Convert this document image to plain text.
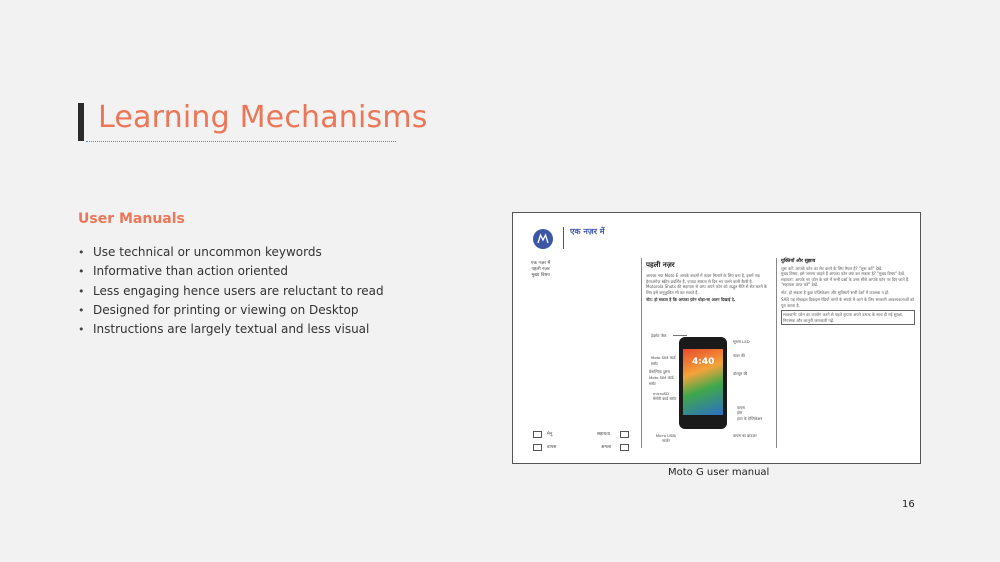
Learning Mechanisms
User Manuals
• Use technical or uncommon keywords
• Informative than action oriented
• Less engaging hence users are reluctant to read
• Designed for printing or viewing on Desktop
• Instructions are largely textual and less visual
एक नज़र में
एक नज़र में
पहली नज़र
मुख्य विषय
पहली नज़र
आपका नया Moto E आपके कदमों में कदम मिलाने के लिए बना है, इसमें एक हैरतअंगेज़ स्क्रीन प्रदर्शित है, ज़्यादा स्पष्टता से दिन भर चलने वाली बैटरी है. Motorola Shots की सहायता से आप अपने फ़ोन को अद्भुत रीति से सेट करने के लिए इसे अनुकूलित भी कर सकते हैं.
नोट: हो सकता है कि आपका फ़ोन थोड़ा-सा अलग दिखाई दे.
4:40
हेडसेट जैक
Moto SIM कार्ड स्लॉट
वैकल्पिक दूसरा Moto SIM कार्ड स्लॉट
microSD मेमोरी कार्ड स्लॉट
Micro USB/चार्जर
सूचना LED
पावर की
वॉल्यूम की
वापस
होम
हाल के ऐप्लिकेशन
वापस का ब्राउज़र
युक्तियाँ और सुझाव
शुरू करें: आपके फ़ोन का सेट करने के लिए तैयार है? "शुरू करें" देखें.
मुख्य विषय: इसे जानना चाहते हैं आपका फ़ोन क्या कर सकता है? "मुख्य विषय" देखें.
सहायता: आपके नए फ़ोन के बारे में सभी प्रश्नों के उत्तर सीधे आपके फ़ोन पर दिए जाते हैं. "सहायता प्राप्त करें" देखें.
नोट: हो सकता है कुछ एप्लिकेशन और सुविधाएँ सभी देशों में उपलब्ध न हों.
SAR यह मोबाइल डिवाइस रेडियो तरंगों के संपर्क में आने के लिए सरकारी आवश्यकताओं को पूरा करता है.
सावधानी: फ़ोन का उपयोग करने से पहले कृपया अपने उत्पाद के साथ दी गई सुरक्षा, नियामक और कानूनी जानकारी पढ़ें.
मेनू
वापस
सहायता
अगला
Moto G user manual
16
